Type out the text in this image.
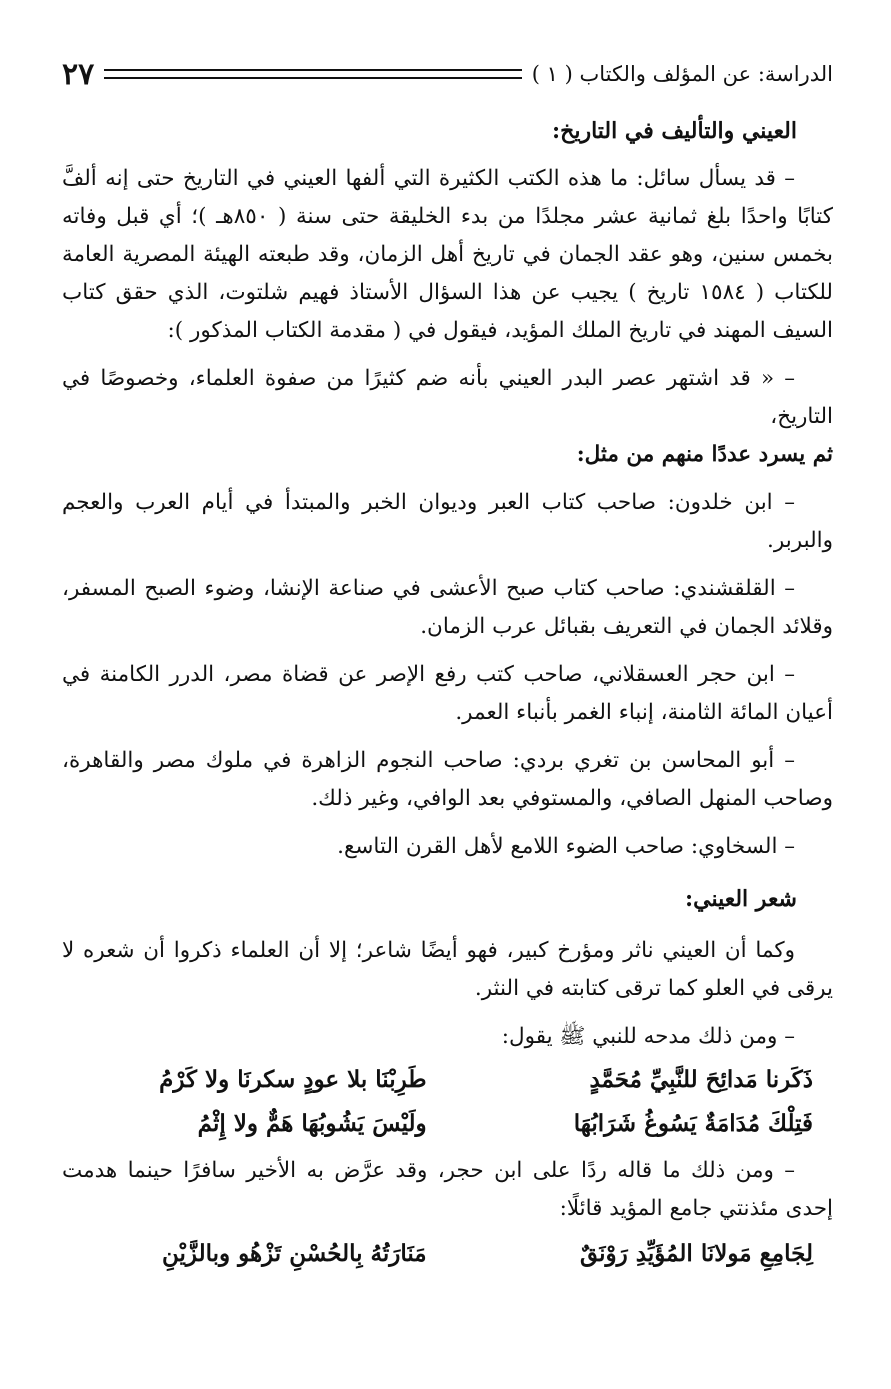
الدراسة: عن المؤلف والكتاب ( ١ )
٢٧

العيني والتأليف في التاريخ:

– قد يسأل سائل: ما هذه الكتب الكثيرة التي ألفها العيني في التاريخ حتى إنه ألفَّ كتابًا واحدًا بلغ ثمانية عشر مجلدًا من بدء الخليقة حتى سنة ( ٨٥٠هـ )؛ أي قبل وفاته بخمس سنين، وهو عقد الجمان في تاريخ أهل الزمان، وقد طبعته الهيئة المصرية العامة للكتاب ( ١٥٨٤ تاريخ ) يجيب عن هذا السؤال الأستاذ فهيم شلتوت، الذي حقق كتاب السيف المهند في تاريخ الملك المؤيد، فيقول في ( مقدمة الكتاب المذكور ):

– « قد اشتهر عصر البدر العيني بأنه ضم كثيرًا من صفوة العلماء، وخصوصًا في التاريخ،

ثم يسرد عددًا منهم من مثل:

– ابن خلدون: صاحب كتاب العبر وديوان الخبر والمبتدأ في أيام العرب والعجم والبربر.

– القلقشندي: صاحب كتاب صبح الأعشى في صناعة الإنشا، وضوء الصبح المسفر، وقلائد الجمان في التعريف بقبائل عرب الزمان.

– ابن حجر العسقلاني، صاحب كتب رفع الإصر عن قضاة مصر، الدرر الكامنة في أعيان المائة الثامنة، إنباء الغمر بأنباء العمر.

– أبو المحاسن بن تغري بردي: صاحب النجوم الزاهرة في ملوك مصر والقاهرة، وصاحب المنهل الصافي، والمستوفي بعد الوافي، وغير ذلك.

– السخاوي: صاحب الضوء اللامع لأهل القرن التاسع.

شعر العيني:

وكما أن العيني ناثر ومؤرخ كبير، فهو أيضًا شاعر؛ إلا أن العلماء ذكروا أن شعره لا يرقى في العلو كما ترقى كتابته في النثر.

– ومن ذلك مدحه للنبي ﷺ يقول:

ذَكَرنا مَدائِحَ للنَّبِيِّ مُحَمَّدٍ
طَرِبْنَا بلا عودٍ سكرنَا ولا كَرْمُ
فَتِلْكَ مُدَامَةٌ يَسُوغُ شَرَابُهَا
ولَيْسَ يَشُوبُهَا هَمٌّ ولا إِثْمُ

– ومن ذلك ما قاله ردًا على ابن حجر، وقد عرَّض به الأخير سافرًا حينما هدمت إحدى مئذنتي جامع المؤيد قائلًا:

لِجَامِعِ مَولانَا المُؤَيِّدِ رَوْنَقٌ
مَنَارَتُهُ بِالحُسْنِ تَزْهُو وبالزَّيْنِ
